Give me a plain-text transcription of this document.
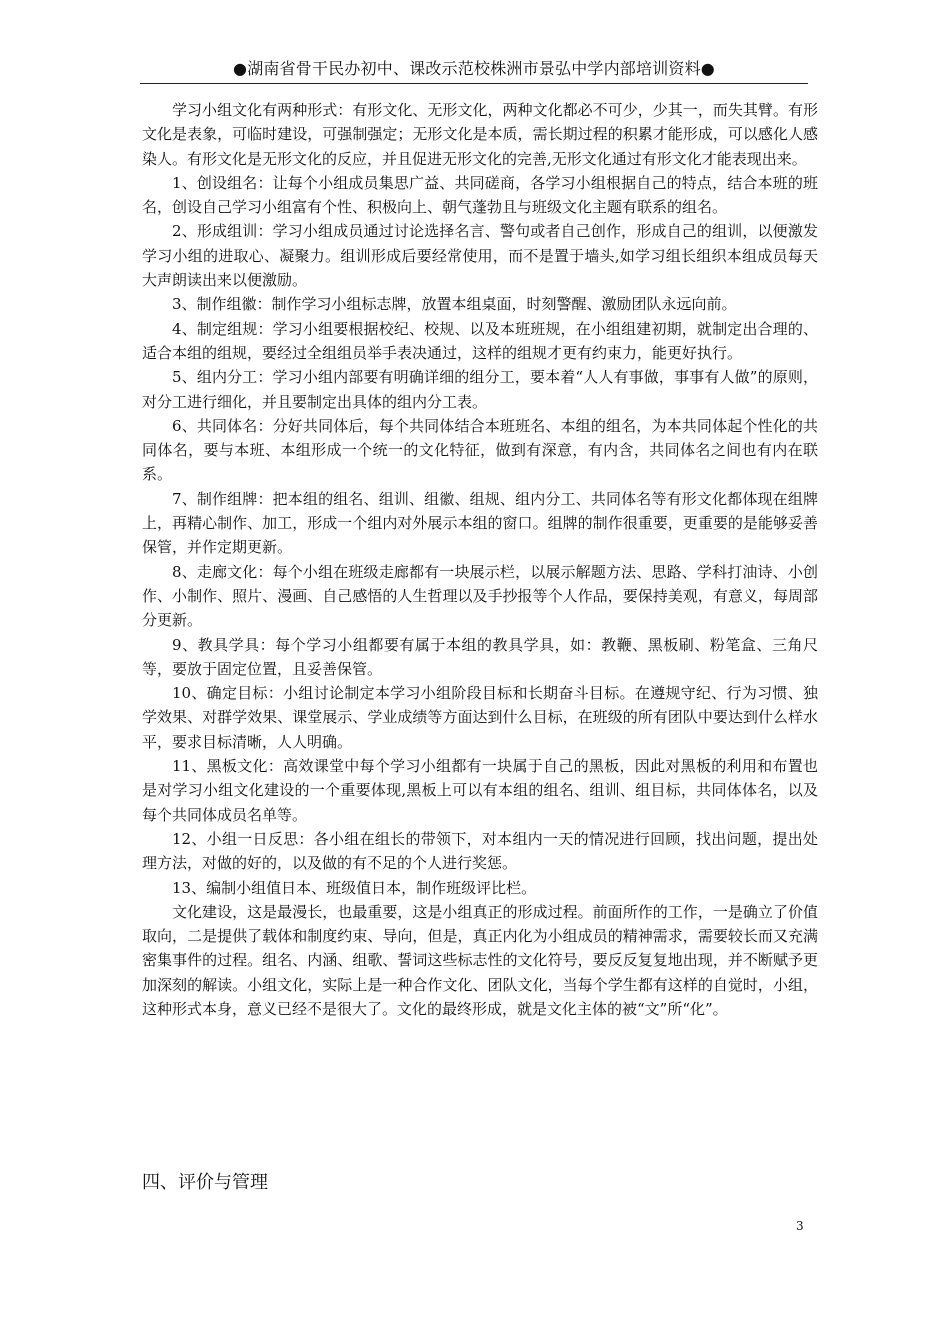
●湖南省骨干民办初中、课改示范校株洲市景弘中学内部培训资料●

学习小组文化有两种形式：有形文化、无形文化，两种文化都必不可少，少其一，而失其臂。有形文化是表象，可临时建设，可强制强定；无形文化是本质，需长期过程的积累才能形成，可以感化人感染人。有形文化是无形文化的反应，并且促进无形文化的完善,无形文化通过有形文化才能表现出来。

1、创设组名：让每个小组成员集思广益、共同磋商，各学习小组根据自己的特点，结合本班的班名，创设自己学习小组富有个性、积极向上、朝气蓬勃且与班级文化主题有联系的组名。

2、形成组训：学习小组成员通过讨论选择名言、警句或者自己创作，形成自己的组训，以便激发学习小组的进取心、凝聚力。组训形成后要经常使用，而不是置于墙头,如学习组长组织本组成员每天大声朗读出来以便激励。

3、制作组徽：制作学习小组标志牌，放置本组桌面，时刻警醒、激励团队永远向前。

4、制定组规：学习小组要根据校纪、校规、以及本班班规，在小组组建初期，就制定出合理的、适合本组的组规，要经过全组组员举手表决通过，这样的组规才更有约束力，能更好执行。

5、组内分工：学习小组内部要有明确详细的组分工，要本着“人人有事做，事事有人做”的原则，对分工进行细化，并且要制定出具体的组内分工表。

6、共同体名：分好共同体后，每个共同体结合本班班名、本组的组名，为本共同体起个性化的共同体名，要与本班、本组形成一个统一的文化特征，做到有深意，有内含，共同体名之间也有内在联系。

7、制作组牌：把本组的组名、组训、组徽、组规、组内分工、共同体名等有形文化都体现在组牌上，再精心制作、加工，形成一个组内对外展示本组的窗口。组牌的制作很重要，更重要的是能够妥善保管，并作定期更新。

8、走廊文化：每个小组在班级走廊都有一块展示栏，以展示解题方法、思路、学科打油诗、小创作、小制作、照片、漫画、自己感悟的人生哲理以及手抄报等个人作品，要保持美观，有意义，每周部分更新。

9、教具学具：每个学习小组都要有属于本组的教具学具，如：教鞭、黑板刷、粉笔盒、三角尺等，要放于固定位置，且妥善保管。

10、确定目标：小组讨论制定本学习小组阶段目标和长期奋斗目标。在遵规守纪、行为习惯、独学效果、对群学效果、课堂展示、学业成绩等方面达到什么目标，在班级的所有团队中要达到什么样水平，要求目标清晰，人人明确。

11、黑板文化：高效课堂中每个学习小组都有一块属于自己的黑板，因此对黑板的利用和布置也是对学习小组文化建设的一个重要体现,黑板上可以有本组的组名、组训、组目标，共同体体名，以及每个共同体成员名单等。

12、小组一日反思：各小组在组长的带领下，对本组内一天的情况进行回顾，找出问题，提出处理方法，对做的好的，以及做的有不足的个人进行奖惩。

13、编制小组值日本、班级值日本，制作班级评比栏。

文化建设，这是最漫长，也最重要，这是小组真正的形成过程。前面所作的工作，一是确立了价值取向，二是提供了载体和制度约束、导向，但是，真正内化为小组成员的精神需求，需要较长而又充满密集事件的过程。组名、内涵、组歌、誓词这些标志性的文化符号，要反反复复地出现，并不断赋予更加深刻的解读。小组文化，实际上是一种合作文化、团队文化，当每个学生都有这样的自觉时，小组，这种形式本身，意义已经不是很大了。文化的最终形成，就是文化主体的被“文”所“化”。

四、评价与管理
3
